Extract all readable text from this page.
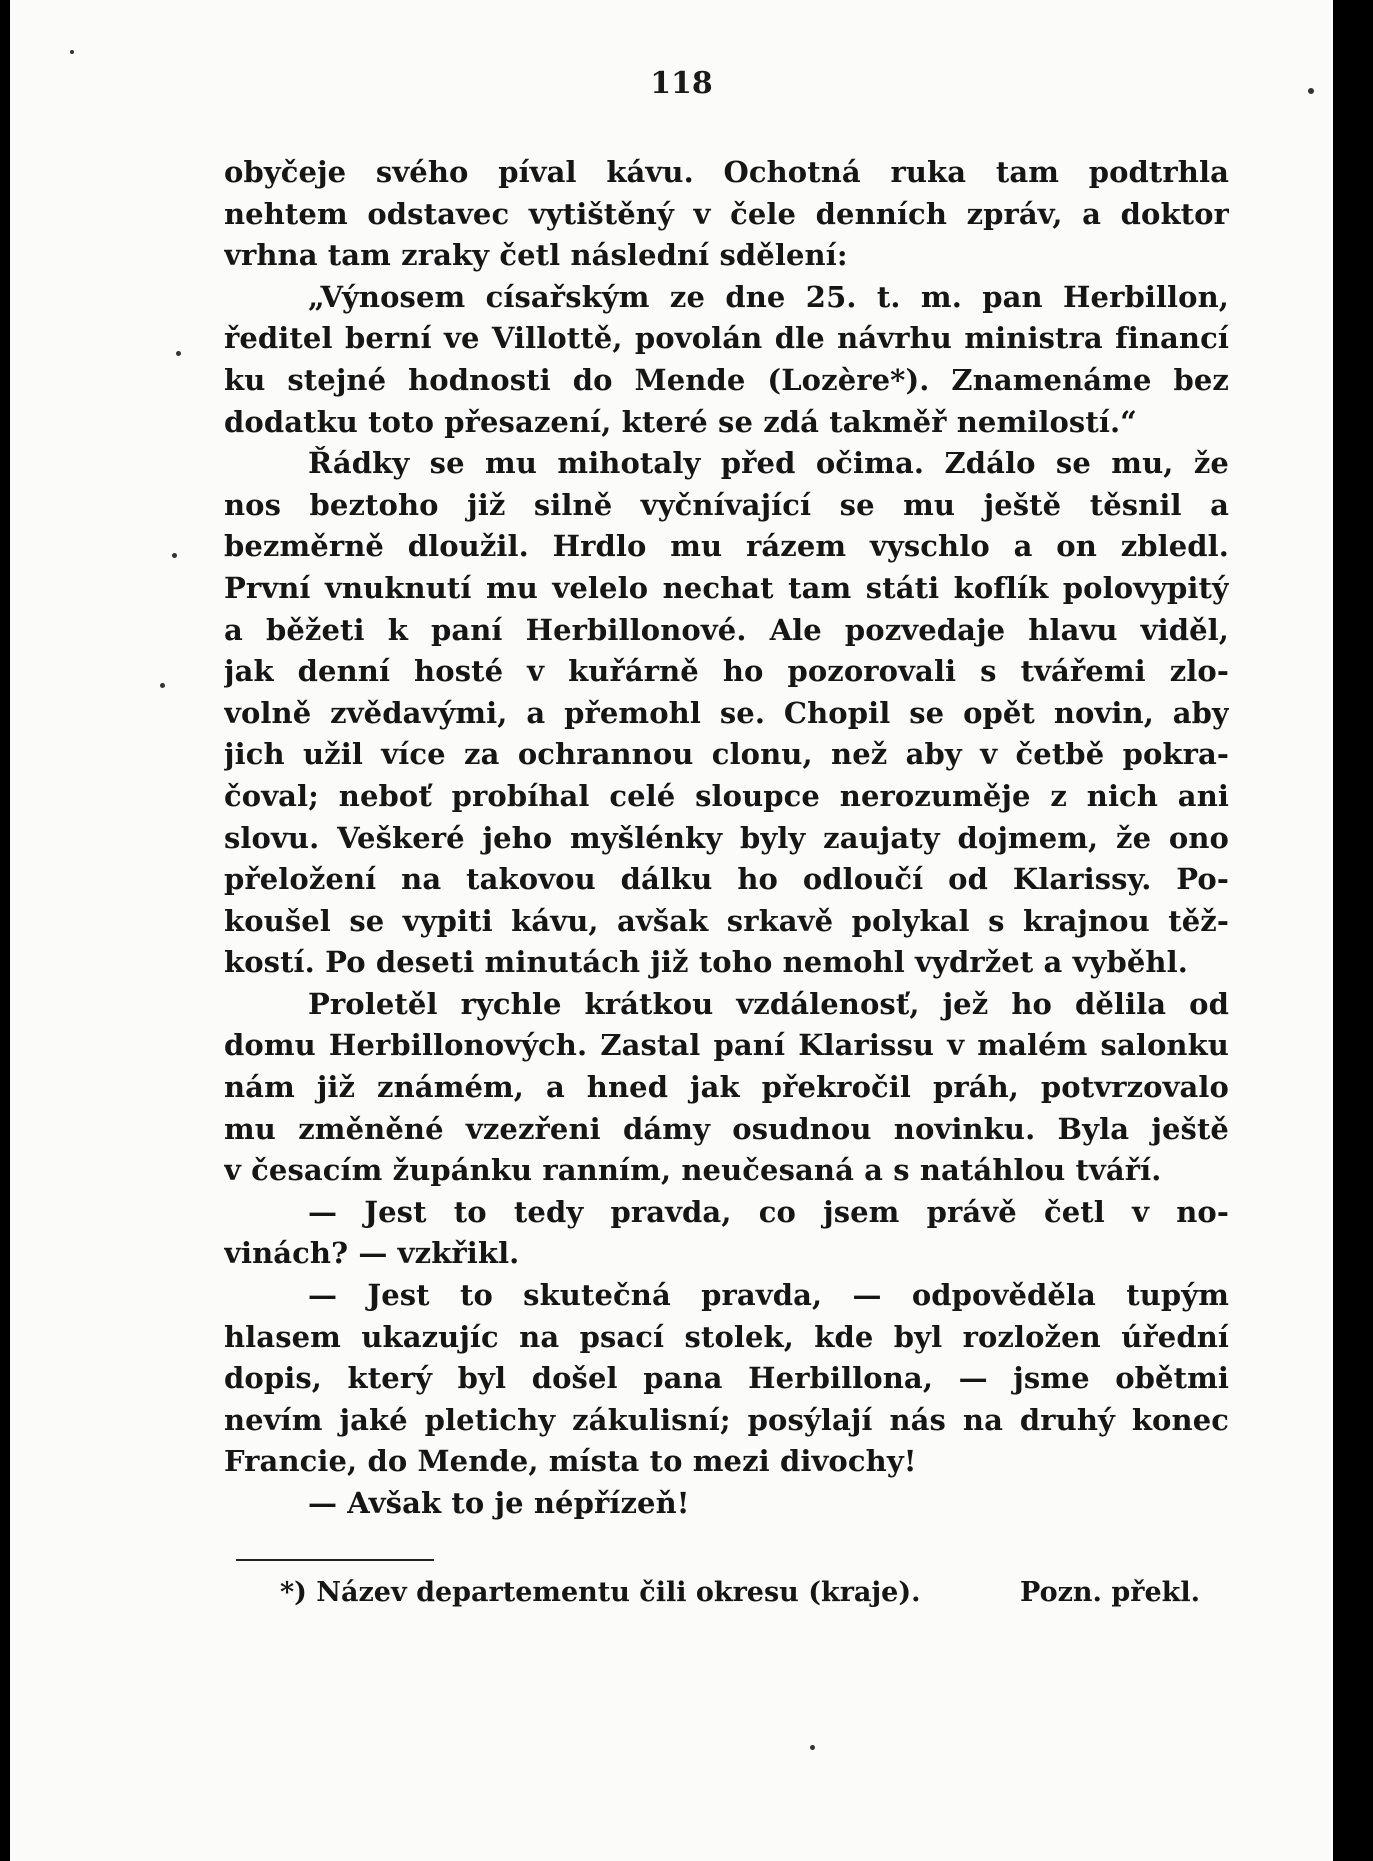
118
obyčeje svého píval kávu. Ochotná ruka tam podtrhla
nehtem odstavec vytištěný v čele denních zpráv, a doktor
vrhna tam zraky četl následní sdělení:
„Výnosem císařským ze dne 25. t. m. pan Herbillon,
ředitel berní ve Villottě, povolán dle návrhu ministra financí
ku stejné hodnosti do Mende (Lozère*). Znamenáme bez
dodatku toto přesazení, které se zdá takměř nemilostí.“
Řádky se mu mihotaly před očima. Zdálo se mu, že
nos beztoho již silně vyčnívající se mu ještě těsnil a
bezměrně dloužil. Hrdlo mu rázem vyschlo a on zbledl.
První vnuknutí mu velelo nechat tam státi koflík polovypitý
a běžeti k paní Herbillonové. Ale pozvedaje hlavu viděl,
jak denní hosté v kuřárně ho pozorovali s tvářemi zlo-
volně zvědavými, a přemohl se. Chopil se opět novin, aby
jich užil více za ochrannou clonu, než aby v četbě pokra-
čoval; neboť probíhal celé sloupce nerozuměje z nich ani
slovu. Veškeré jeho myšlénky byly zaujaty dojmem, že ono
přeložení na takovou dálku ho odloučí od Klarissy. Po-
koušel se vypiti kávu, avšak srkavě polykal s krajnou těž-
kostí. Po deseti minutách již toho nemohl vydržet a vyběhl.
Proletěl rychle krátkou vzdálenosť, jež ho dělila od
domu Herbillonových. Zastal paní Klarissu v malém salonku
nám již známém, a hned jak překročil práh, potvrzovalo
mu změněné vzezřeni dámy osudnou novinku. Byla ještě
v česacím župánku ranním, neučesaná a s natáhlou tváří.
— Jest to tedy pravda, co jsem právě četl v no-
vinách? — vzkřikl.
— Jest to skutečná pravda, — odpověděla tupým
hlasem ukazujíc na psací stolek, kde byl rozložen úřední
dopis, který byl došel pana Herbillona, — jsme obětmi
nevím jaké pletichy zákulisní; posýlají nás na druhý konec
Francie, do Mende, místa to mezi divochy!
— Avšak to je népřízeň!
*) Název departementu čili okresu (kraje).	Pozn. překl.
